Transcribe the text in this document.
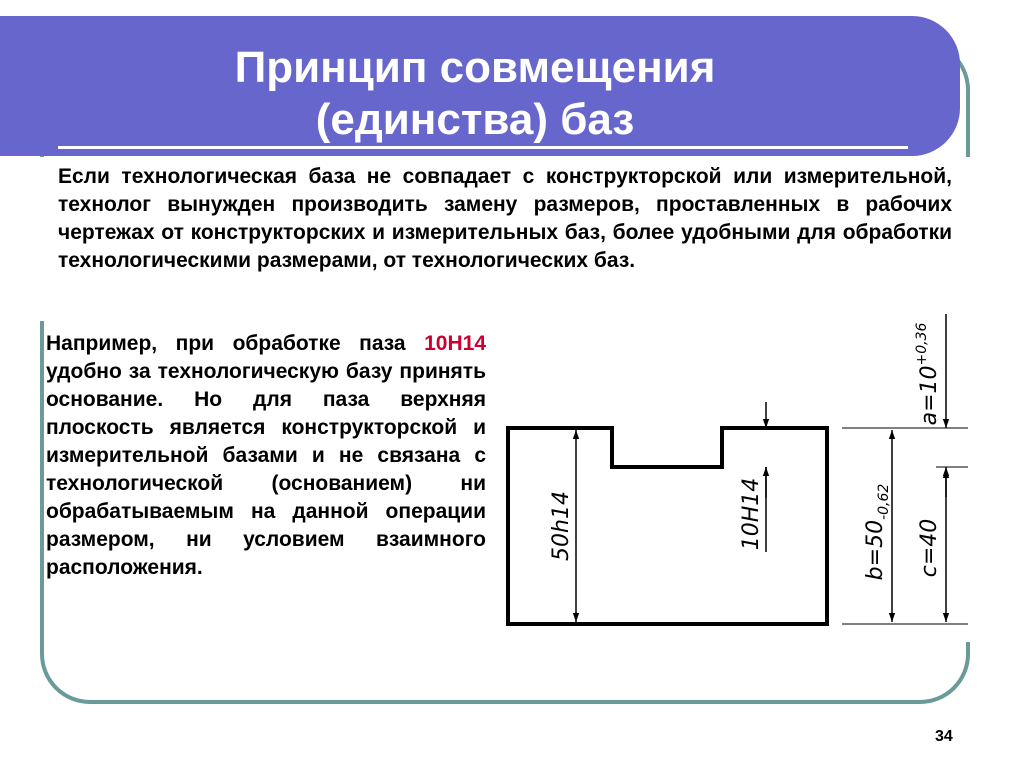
Принцип совмещения
(единства) баз

Если технологическая база не совпадает с конструкторской или измерительной, технолог вынужден производить замену размеров, проставленных в рабочих чертежах от конструкторских и измерительных баз, более удобными для обработки технологическими размерами, от технологических баз.

Например, при обработке паза 10Н14 удобно за технологическую базу принять основание. Но для паза верхняя плоскость является конструкторской и измерительной базами и не связана с технологической (основанием) ни обрабатываемым на данной операции размером, ни условием взаимного расположения.

50h14	10H14	$b=50_{-0,62}$
c=40
$a=10^{+0,36}$
34
